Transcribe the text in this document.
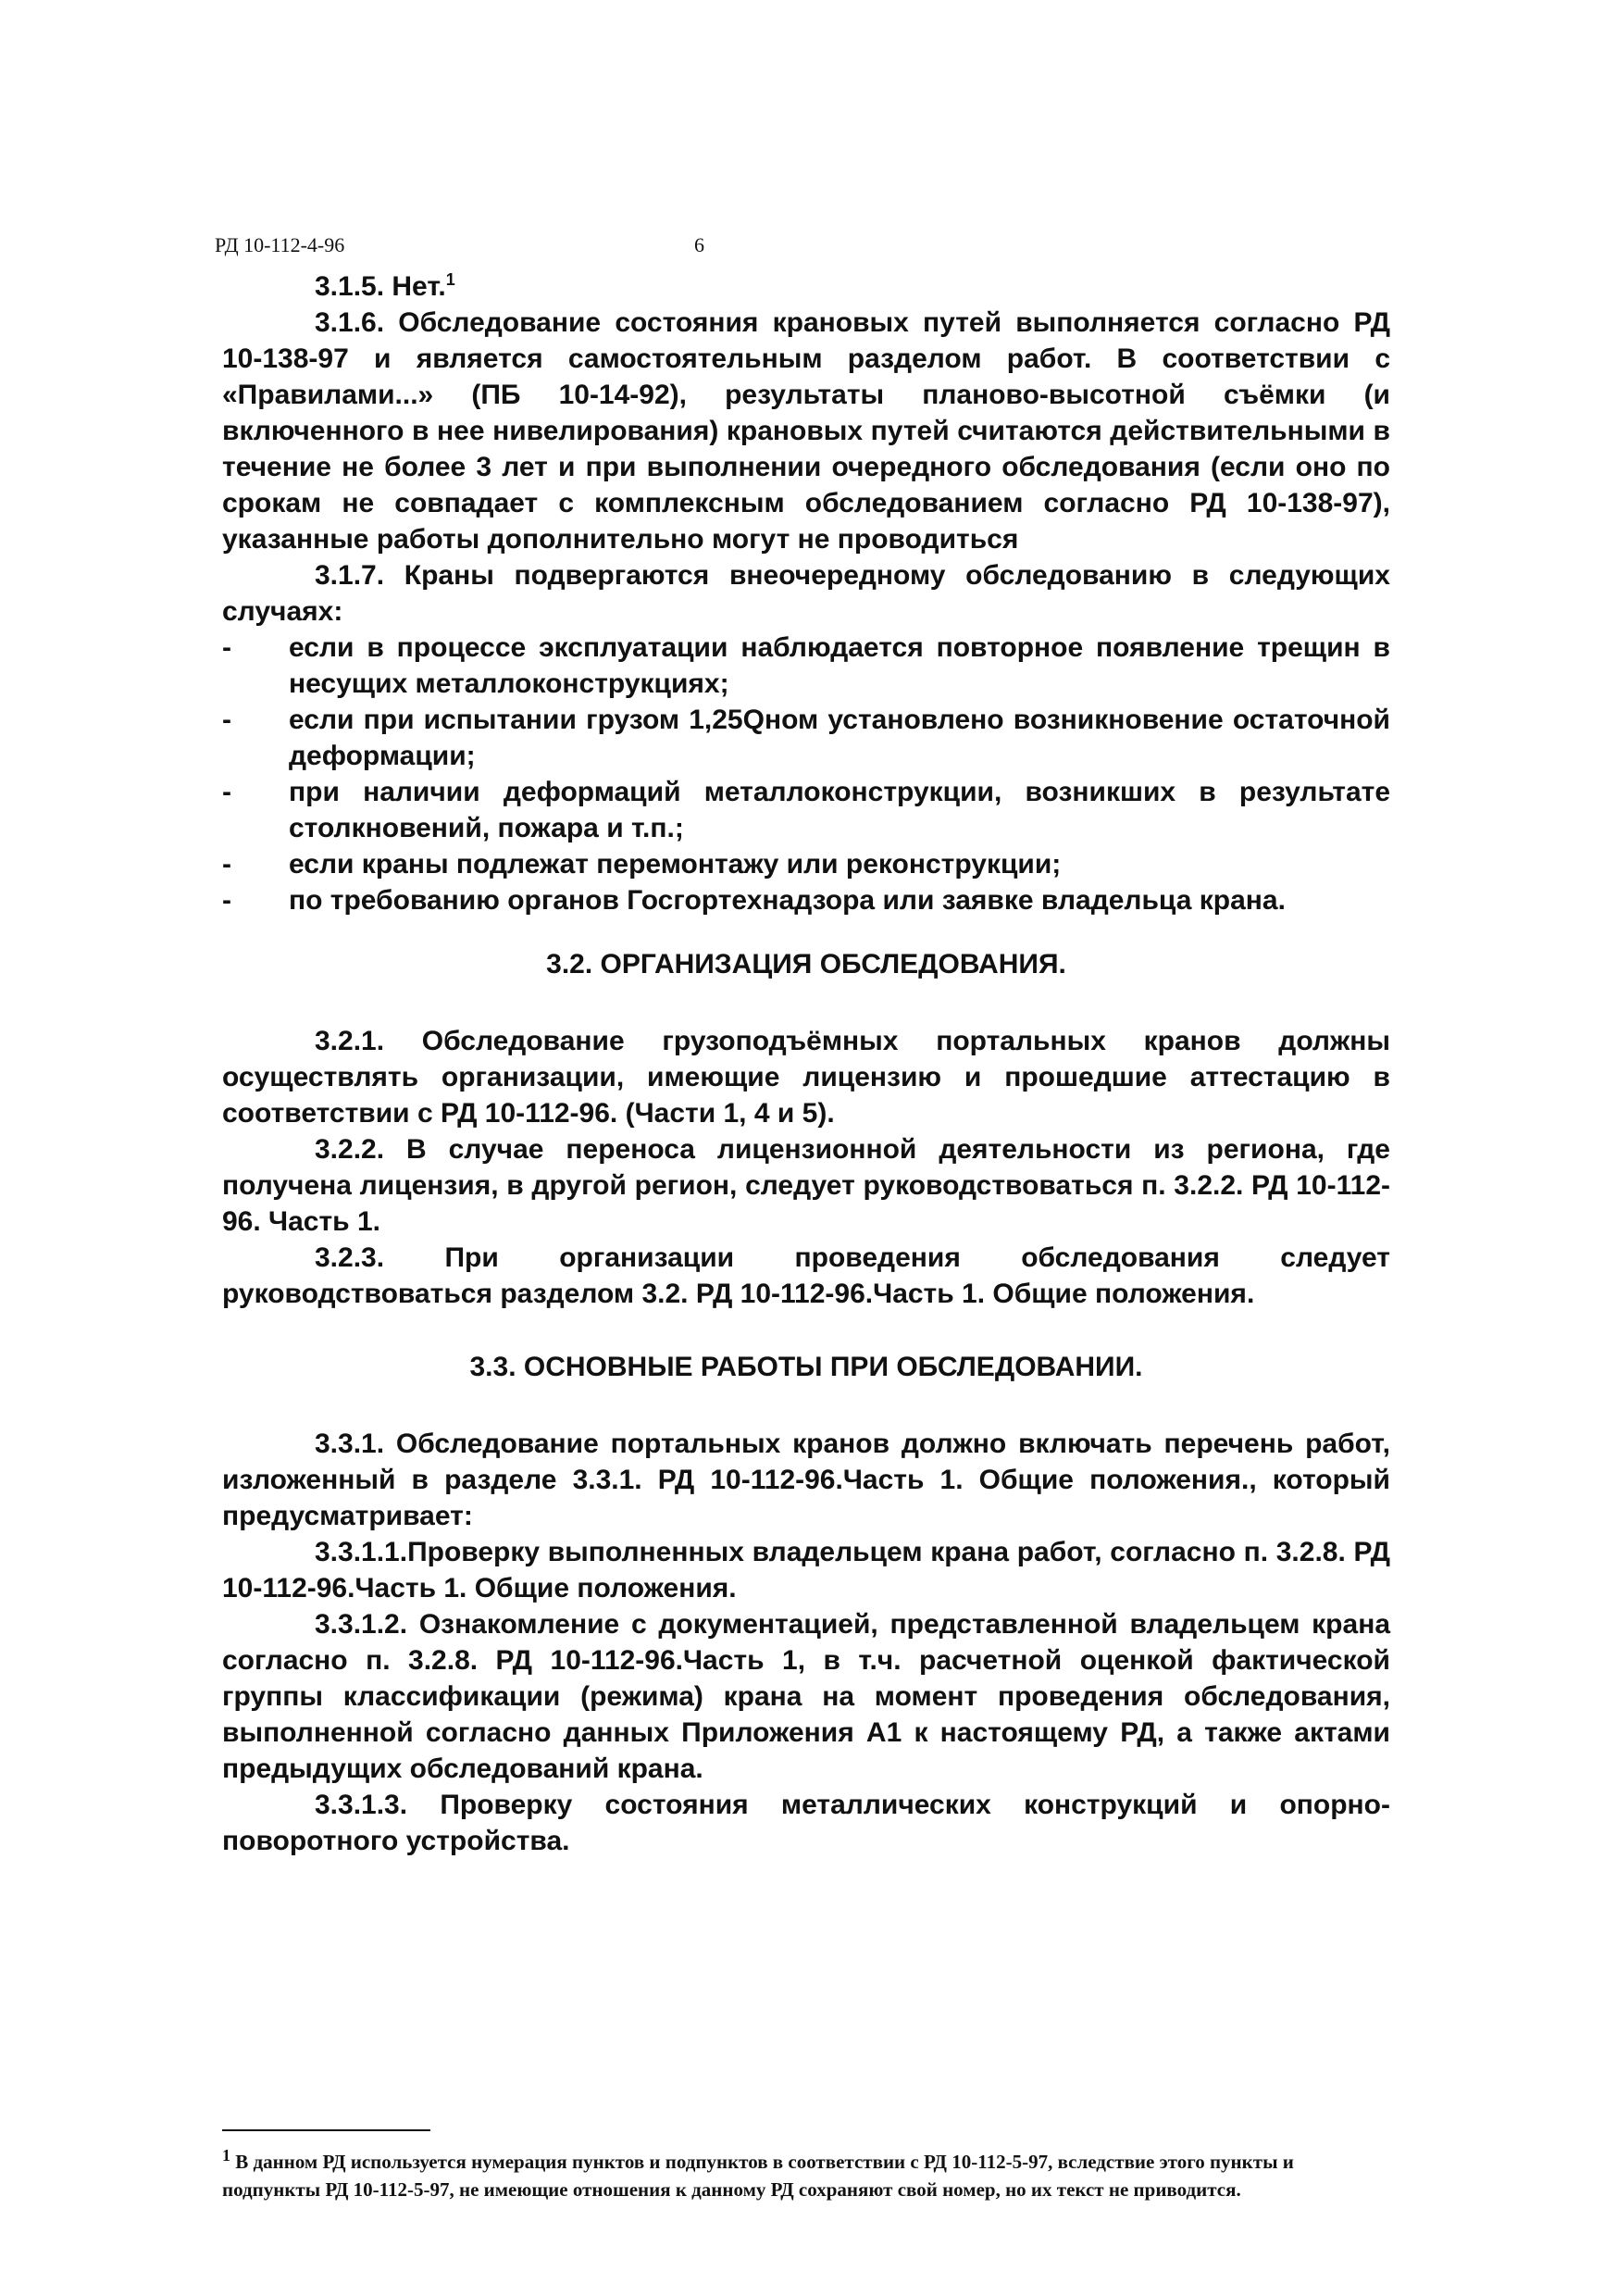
РД 10-112-4-96	6

3.1.5. Нет.$^1$

3.1.6. Обследование состояния крановых путей выполняется согласно РД 10-138-97 и является самостоятельным разделом работ. В соответствии с «Правилами...» (ПБ 10-14-92), результаты планово-высотной съёмки (и включенного в нее нивелирования) крановых путей считаются действительными в течение не более 3 лет и при выполнении очередного обследования (если оно по срокам не совпадает с комплексным обследованием согласно РД 10-138-97), указанные работы дополнительно могут не проводиться

3.1.7. Краны подвергаются внеочередному обследованию в следующих случаях:

- если в процессе эксплуатации наблюдается повторное появление трещин в несущих металлоконструкциях;
- если при испытании грузом 1,25Qном установлено возникновение остаточной деформации;
- при наличии деформаций металлоконструкции, возникших в результате столкновений, пожара и т.п.;
- если краны подлежат перемонтажу или реконструкции;
- по требованию органов Госгортехнадзора или заявке владельца крана.
3.2. ОРГАНИЗАЦИЯ ОБСЛЕДОВАНИЯ.

3.2.1. Обследование грузоподъёмных портальных кранов должны осуществлять организации, имеющие лицензию и прошедшие аттестацию в соответствии с РД 10-112-96. (Части 1, 4 и 5).

3.2.2. В случае переноса лицензионной деятельности из региона, где получена лицензия, в другой регион, следует руководствоваться п. 3.2.2. РД 10-112-96. Часть 1.

3.2.3. При организации проведения обследования следует руководствоваться разделом 3.2. РД 10-112-96.Часть 1. Общие положения.

3.3. ОСНОВНЫЕ РАБОТЫ ПРИ ОБСЛЕДОВАНИИ.

3.3.1. Обследование портальных кранов должно включать перечень работ, изложенный в разделе 3.3.1. РД 10-112-96.Часть 1. Общие положения., который предусматривает:

3.3.1.1.Проверку выполненных владельцем крана работ, согласно п. 3.2.8. РД 10-112-96.Часть 1. Общие положения.

3.3.1.2. Ознакомление с документацией, представленной владельцем крана согласно п. 3.2.8. РД 10-112-96.Часть 1, в т.ч. расчетной оценкой фактической группы классификации (режима) крана на момент проведения обследования, выполненной согласно данных Приложения А1 к настоящему РД, а также актами предыдущих обследований крана.

3.3.1.3. Проверку состояния металлических конструкций и опорно-поворотного устройства.

$^1$ В данном РД используется нумерация пунктов и подпунктов в соответствии с РД 10-112-5-97, вследствие этого пункты и подпункты РД 10-112-5-97, не имеющие отношения к данному РД сохраняют свой номер, но их текст не приводится.
